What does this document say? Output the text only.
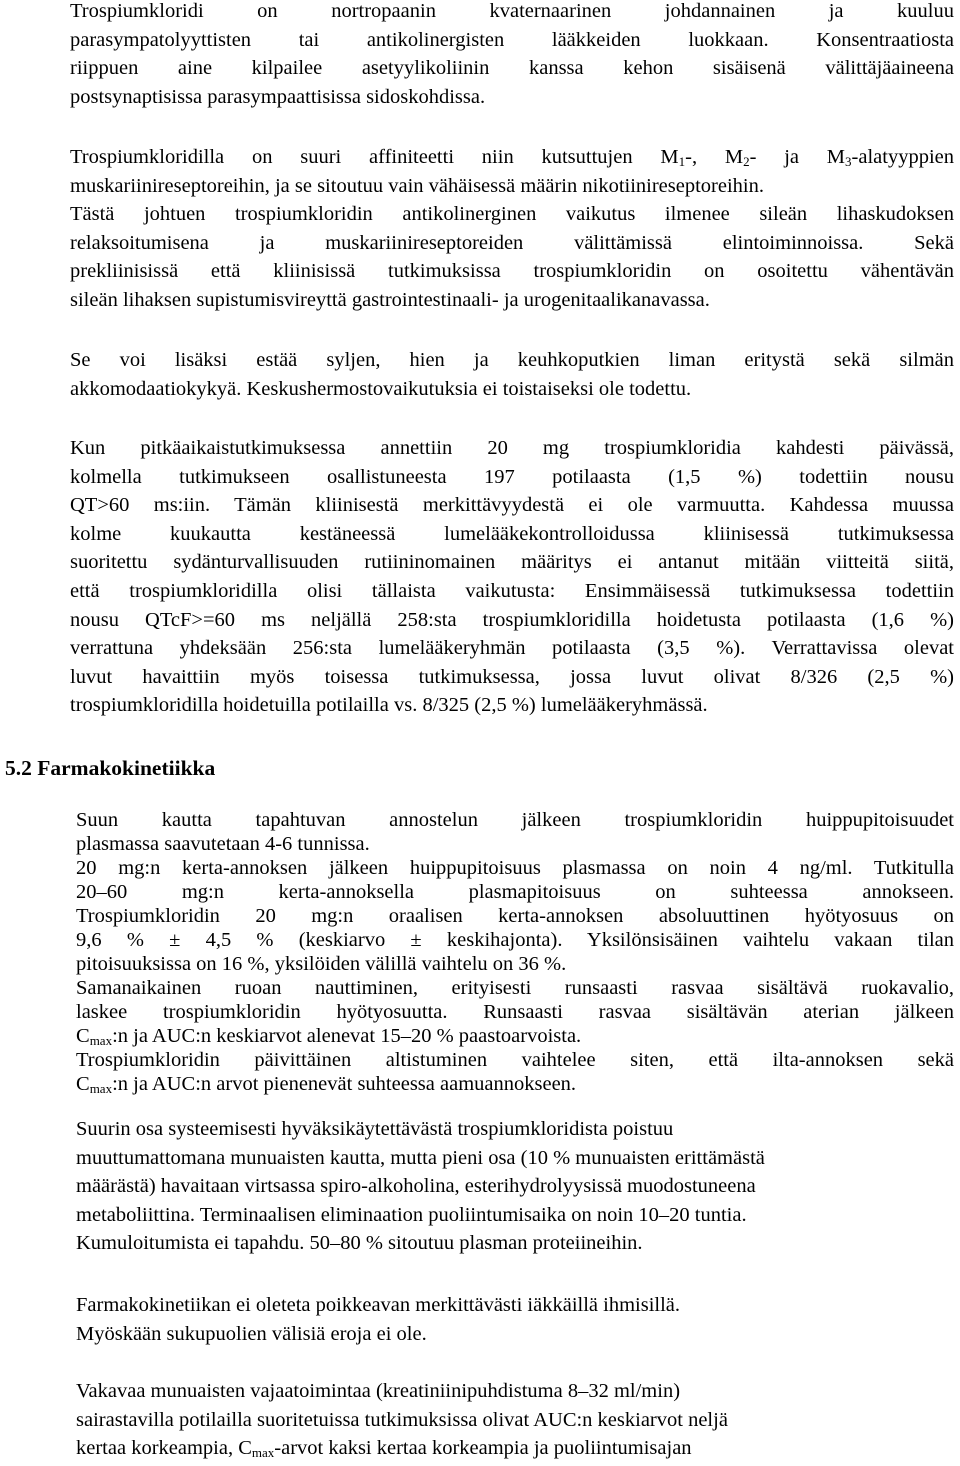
Trospiumkloridi on nortropaanin kvaternaarinen johdannainen ja kuuluu
parasympatolyyttisten tai antikolinergisten lääkkeiden luokkaan. Konsentraatiosta
riippuen aine kilpailee asetyylikoliinin kanssa kehon sisäisenä välittäjäaineena
postsynaptisissa parasympaattisissa sidoskohdissa.
Trospiumkloridilla on suuri affiniteetti niin kutsuttujen $M_1-$, $M_2-$ ja $M_3$-alatyyppien
muskariinireseptoreihin, ja se sitoutuu vain vähäisessä määrin nikotiinireseptoreihin.
Tästä johtuen trospiumkloridin antikolinerginen vaikutus ilmenee sileän lihaskudoksen
relaksoitumisena ja muskariinireseptoreiden välittämissä elintoiminnoissa. Sekä
prekliinisissä että kliinisissä tutkimuksissa trospiumkloridin on osoitettu vähentävän
sileän lihaksen supistumisvireyttä gastrointestinaali- ja urogenitaalikanavassa.
Se voi lisäksi estää syljen, hien ja keuhkoputkien liman eritystä sekä silmän
akkomodaatiokykyä. Keskushermostovaikutuksia ei toistaiseksi ole todettu.
Kun pitkäaikaistutkimuksessa annettiin 20 mg trospiumkloridia kahdesti päivässä,
kolmella tutkimukseen osallistuneesta 197 potilaasta (1,5 %) todettiin nousu
QT>60 ms:iin. Tämän kliinisestä merkittävyydestä ei ole varmuutta. Kahdessa muussa
kolme kuukautta kestäneessä lumelääkekontrolloidussa kliinisessä tutkimuksessa
suoritettu sydänturvallisuuden rutiininomainen määritys ei antanut mitään viitteitä siitä,
että trospiumkloridilla olisi tällaista vaikutusta: Ensimmäisessä tutkimuksessa todettiin
nousu QTcF>=60 ms neljällä 258:sta trospiumkloridilla hoidetusta potilaasta (1,6 %)
verrattuna yhdeksään 256:sta lumelääkeryhmän potilaasta (3,5 %). Verrattavissa olevat
luvut havaittiin myös toisessa tutkimuksessa, jossa luvut olivat 8/326 (2,5 %)
trospiumkloridilla hoidetuilla potilailla vs. 8/325 (2,5 %) lumelääkeryhmässä.
5.2 Farmakokinetiikka
Suun kautta tapahtuvan annostelun jälkeen trospiumkloridin huippupitoisuudet
plasmassa saavutetaan 4-6 tunnissa.
20 mg:n kerta-annoksen jälkeen huippupitoisuus plasmassa on noin 4 ng/ml. Tutkitulla
20–60 mg:n kerta-annoksella plasmapitoisuus on suhteessa annokseen.
Trospiumkloridin 20 mg:n oraalisen kerta-annoksen absoluuttinen hyötyosuus on
9,6 % ± 4,5 % (keskiarvo ± keskihajonta). Yksilönsisäinen vaihtelu vakaan tilan
pitoisuuksissa on 16 %, yksilöiden välillä vaihtelu on 36 %.
Samanaikainen ruoan nauttiminen, erityisesti runsaasti rasvaa sisältävä ruokavalio,
laskee trospiumkloridin hyötyosuutta. Runsaasti rasvaa sisältävän aterian jälkeen
$C_{max}:n$ ja AUC:n keskiarvot alenevat 15–20 % paastoarvoista.
Trospiumkloridin päivittäinen altistuminen vaihtelee siten, että ilta-annoksen sekä
$C_{max}:n$ ja AUC:n arvot pienenevät suhteessa aamuannokseen.
Suurin osa systeemisesti hyväksikäytettävästä trospiumkloridista poistuu
muuttumattomana munuaisten kautta, mutta pieni osa (10 % munuaisten erittämästä
määrästä) havaitaan virtsassa spiro-alkoholina, esterihydrolyysissä muodostuneena
metaboliittina. Terminaalisen eliminaation puoliintumisaika on noin 10–20 tuntia.
Kumuloitumista ei tapahdu. 50–80 % sitoutuu plasman proteiineihin.
Farmakokinetiikan ei oleteta poikkeavan merkittävästi iäkkäillä ihmisillä.
Myöskään sukupuolien välisiä eroja ei ole.
Vakavaa munuaisten vajaatoimintaa (kreatiniinipuhdistuma 8–32 ml/min)
sairastavilla potilailla suoritetuissa tutkimuksissa olivat AUC:n keskiarvot neljä
kertaa korkeampia, $C_{max}$-arvot kaksi kertaa korkeampia ja puoliintumisajan
